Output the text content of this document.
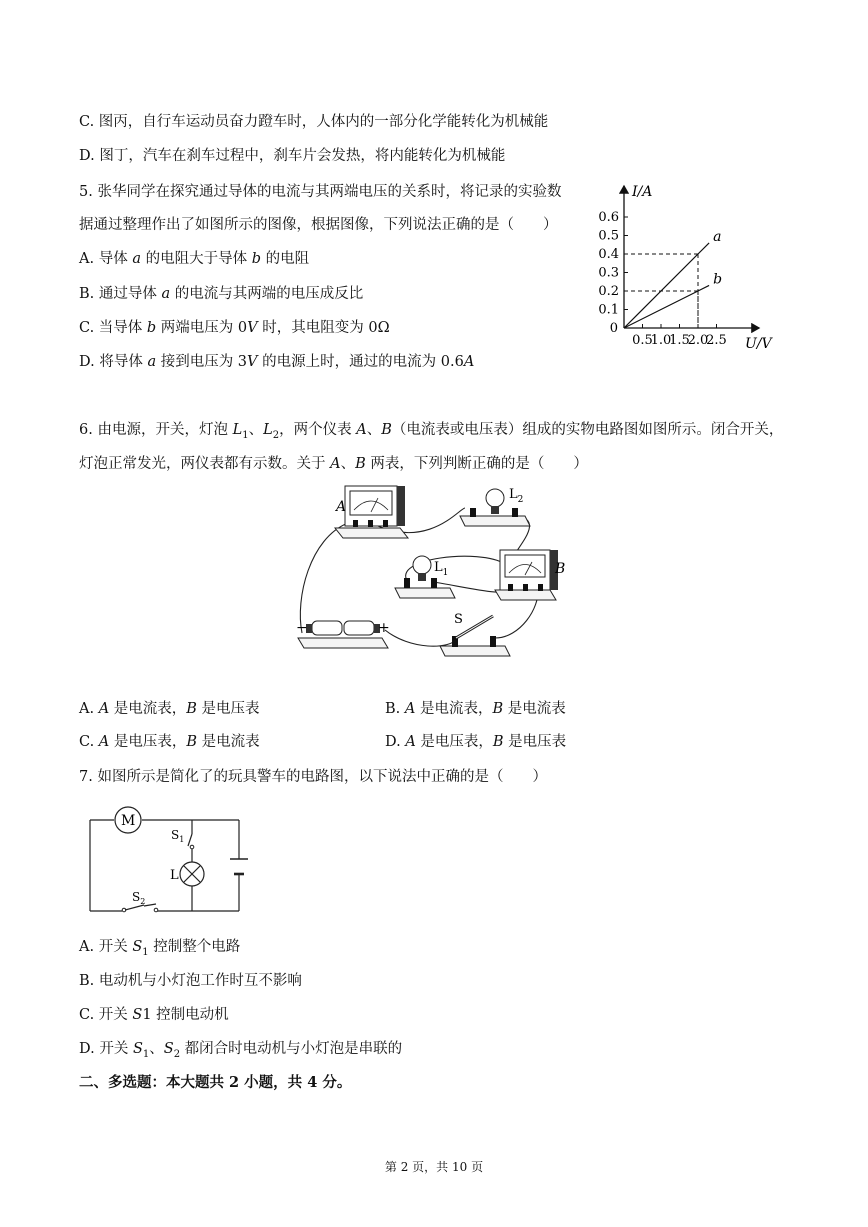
C. 图丙，自行车运动员奋力蹬车时，人体内的一部分化学能转化为机械能
D. 图丁，汽车在刹车过程中，刹车片会发热，将内能转化为机械能
5. 张华同学在探究通过导体的电流与其两端电压的关系时，将记录的实验数
据通过整理作出了如图所示的图像，根据图像，下列说法正确的是（　　）
A. 导体 a 的电阻大于导体 b 的电阻
B. 通过导体 a 的电流与其两端的电压成反比
C. 当导体 b 两端电压为 0V 时，其电阻变为 0Ω
D. 将导体 a 接到电压为 3V 的电源上时，通过的电流为 0.6A
0.5
1.0
1.5
2.0
2.5
0.1
0.2
0.3
0.4
0.5
0.6
0
I/A
U/V
a
b
6. 由电源，开关，灯泡 $L_1$、$L_2$，两个仪表 A、B（电流表或电压表）组成的实物电路图如图所示。闭合开关，
灯泡正常发光，两仪表都有示数。关于 A、B 两表，下列判断正确的是（　　）
A
B
$L_2$
$L_1$
S
+
−
A. A 是电流表，B 是电压表	B. A 是电流表，B 是电流表
C. A 是电压表，B 是电流表	D. A 是电压表，B 是电压表
7. 如图所示是简化了的玩具警车的电路图，以下说法中正确的是（　　）
M
$S_1$
L
$S_2$
A. 开关 $S_1$ 控制整个电路
B. 电动机与小灯泡工作时互不影响
C. 开关 S1 控制电动机
D. 开关 $S_1$、$S_2$ 都闭合时电动机与小灯泡是串联的
二、多选题：本大题共 2 小题，共 4 分。
第 2 页，共 10 页
